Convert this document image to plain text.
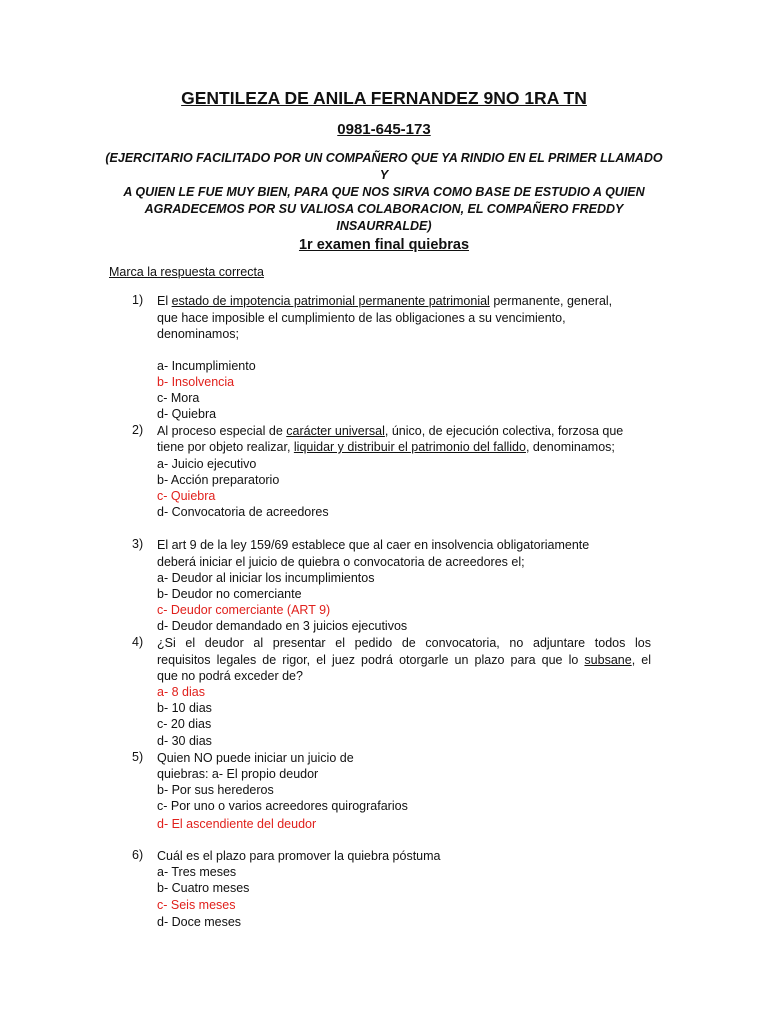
GENTILEZA DE ANILA FERNANDEZ 9NO 1RA TN
0981-645-173
(EJERCITARIO FACILITADO POR UN COMPAÑERO QUE YA RINDIO EN EL PRIMER LLAMADO Y
A QUIEN LE FUE MUY BIEN, PARA QUE NOS SIRVA COMO BASE DE ESTUDIO A QUIEN
AGRADECEMOS POR SU VALIOSA COLABORACION, EL COMPAÑERO FREDDY INSAURRALDE)
1r examen final quiebras
Marca la respuesta correcta
1) El estado de impotencia patrimonial permanente patrimonial permanente, general,
que hace imposible el cumplimiento de las obligaciones a su vencimiento,
denominamos;
a- Incumplimiento
b- Insolvencia
c- Mora
d- Quiebra
2) Al proceso especial de carácter universal, único, de ejecución colectiva, forzosa que
tiene por objeto realizar, liquidar y distribuir el patrimonio del fallido, denominamos;
a- Juicio ejecutivo
b- Acción preparatorio
c- Quiebra
d- Convocatoria de acreedores
3) El art 9 de la ley 159/69 establece que al caer en insolvencia obligatoriamente
deberá iniciar el juicio de quiebra o convocatoria de acreedores el;
a- Deudor al iniciar los incumplimientos
b- Deudor no comerciante
c- Deudor comerciante (ART 9)
d- Deudor demandado en 3 juicios ejecutivos
4) ¿Si el deudor al presentar el pedido de convocatoria, no adjuntare todos los
requisitos legales de rigor, el juez podrá otorgarle un plazo para que lo subsane, el
que no podrá exceder de?
a- 8 dias
b- 10 dias
c- 20 dias
d- 30 dias
5) Quien NO puede iniciar un juicio de
quiebras: a- El propio deudor
b- Por sus herederos
c- Por uno o varios acreedores quirografarios
d- El ascendiente del deudor
6) Cuál es el plazo para promover la quiebra póstuma
a- Tres meses
b- Cuatro meses
c- Seis meses
d- Doce meses
